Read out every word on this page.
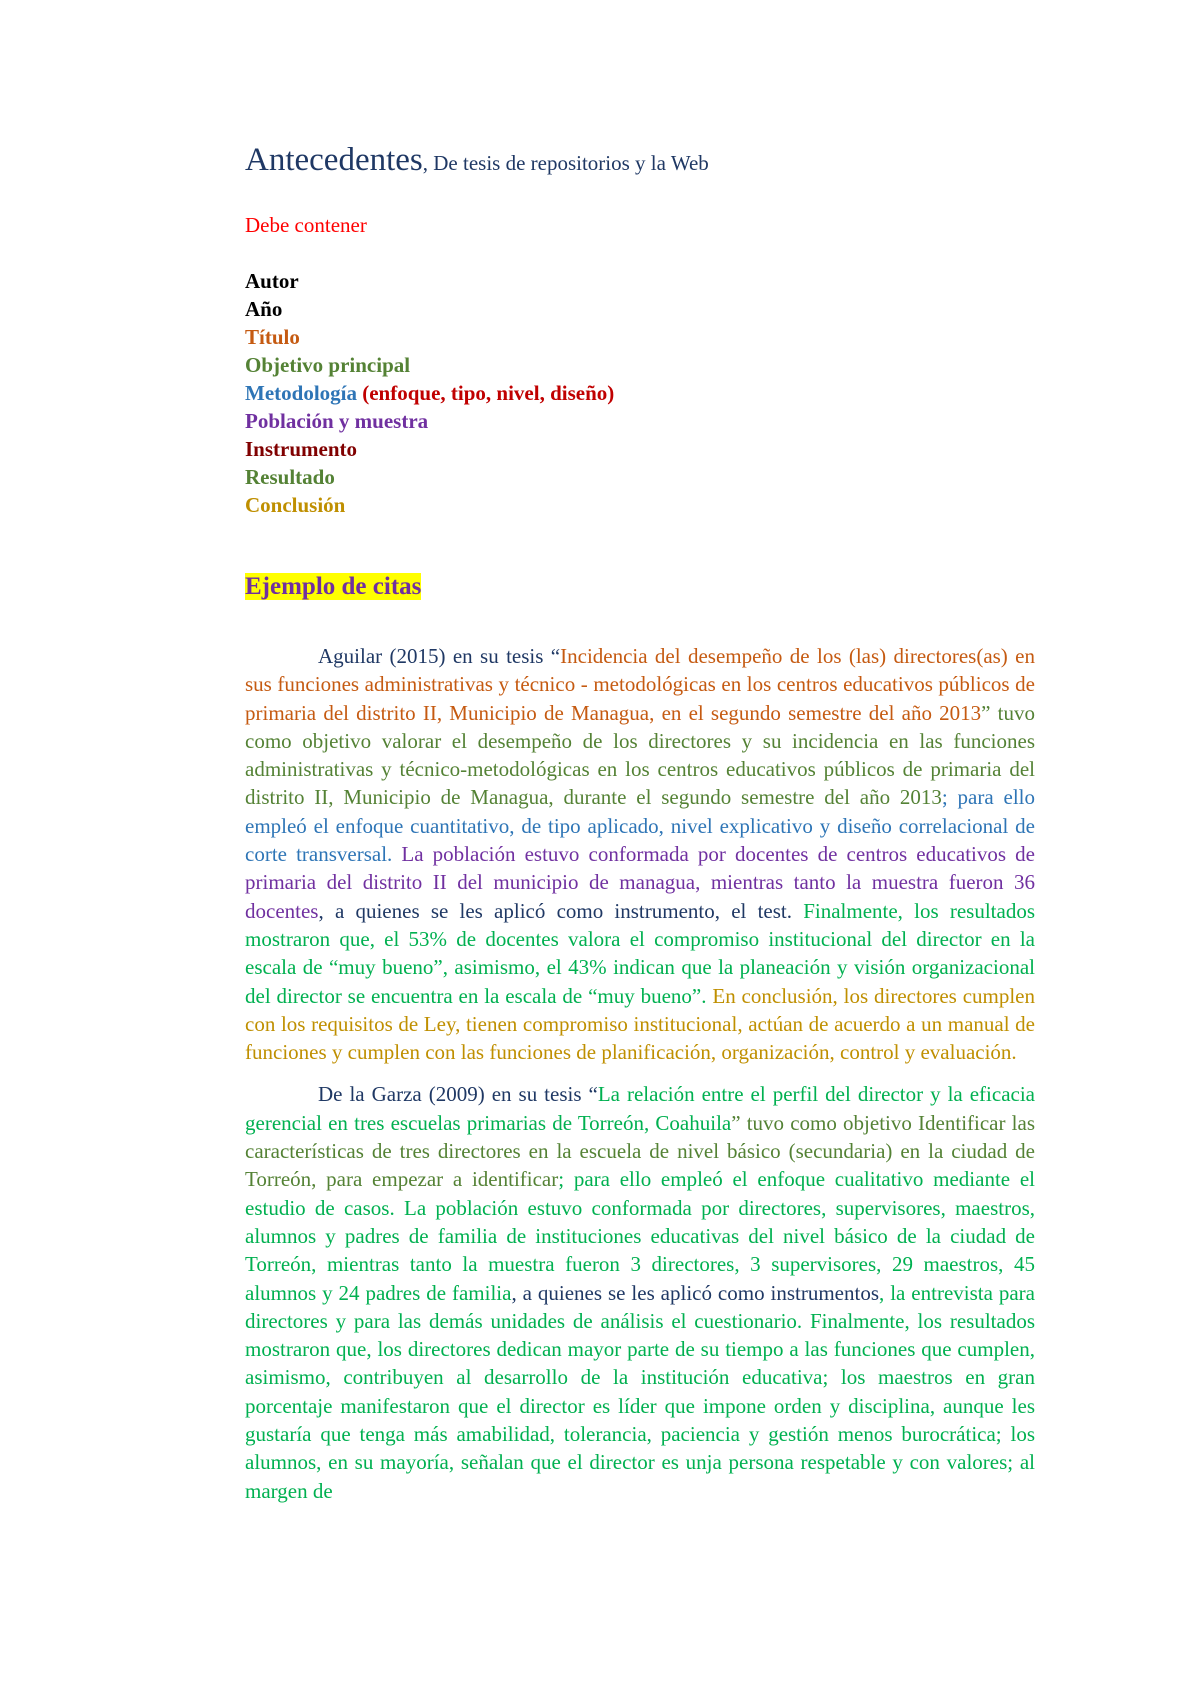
Antecedentes, De tesis de repositorios y la Web
Debe contener
Autor
Año
Título
Objetivo principal
Metodología (enfoque, tipo, nivel, diseño)
Población y muestra
Instrumento
Resultado
Conclusión
Ejemplo de citas

Aguilar (2015) en su tesis “Incidencia del desempeño de los (las) directores(as) en sus funciones administrativas y técnico - metodológicas en los centros educativos públicos de primaria del distrito II, Municipio de Managua, en el segundo semestre del año 2013” tuvo como objetivo valorar el desempeño de los directores y su incidencia en las funciones administrativas y técnico-metodológicas en los centros educativos públicos de primaria del distrito II, Municipio de Managua, durante el segundo semestre del año 2013; para ello empleó el enfoque cuantitativo, de tipo aplicado, nivel explicativo y diseño correlacional de corte transversal. La población estuvo conformada por docentes de centros educativos de primaria del distrito II del municipio de managua, mientras tanto la muestra fueron 36 docentes, a quienes se les aplicó como instrumento, el test. Finalmente, los resultados mostraron que, el 53% de docentes valora el compromiso institucional del director en la escala de “muy bueno”, asimismo, el 43% indican que la planeación y visión organizacional del director se encuentra en la escala de “muy bueno”. En conclusión, los directores cumplen con los requisitos de Ley, tienen compromiso institucional, actúan de acuerdo a un manual de funciones y cumplen con las funciones de planificación, organización, control y evaluación.

De la Garza (2009) en su tesis “La relación entre el perfil del director y la eficacia gerencial en tres escuelas primarias de Torreón, Coahuila” tuvo como objetivo Identificar las características de tres directores en la escuela de nivel básico (secundaria) en la ciudad de Torreón, para empezar a identificar; para ello empleó el enfoque cualitativo mediante el estudio de casos. La población estuvo conformada por directores, supervisores, maestros, alumnos y padres de familia de instituciones educativas del nivel básico de la ciudad de Torreón, mientras tanto la muestra fueron 3 directores, 3 supervisores, 29 maestros, 45 alumnos y 24 padres de familia, a quienes se les aplicó como instrumentos, la entrevista para directores y para las demás unidades de análisis el cuestionario. Finalmente, los resultados mostraron que, los directores dedican mayor parte de su tiempo a las funciones que cumplen, asimismo, contribuyen al desarrollo de la institución educativa; los maestros en gran porcentaje manifestaron que el director es líder que impone orden y disciplina, aunque les gustaría que tenga más amabilidad, tolerancia, paciencia y gestión menos burocrática; los alumnos, en su mayoría, señalan que el director es unja persona respetable y con valores; al margen de
